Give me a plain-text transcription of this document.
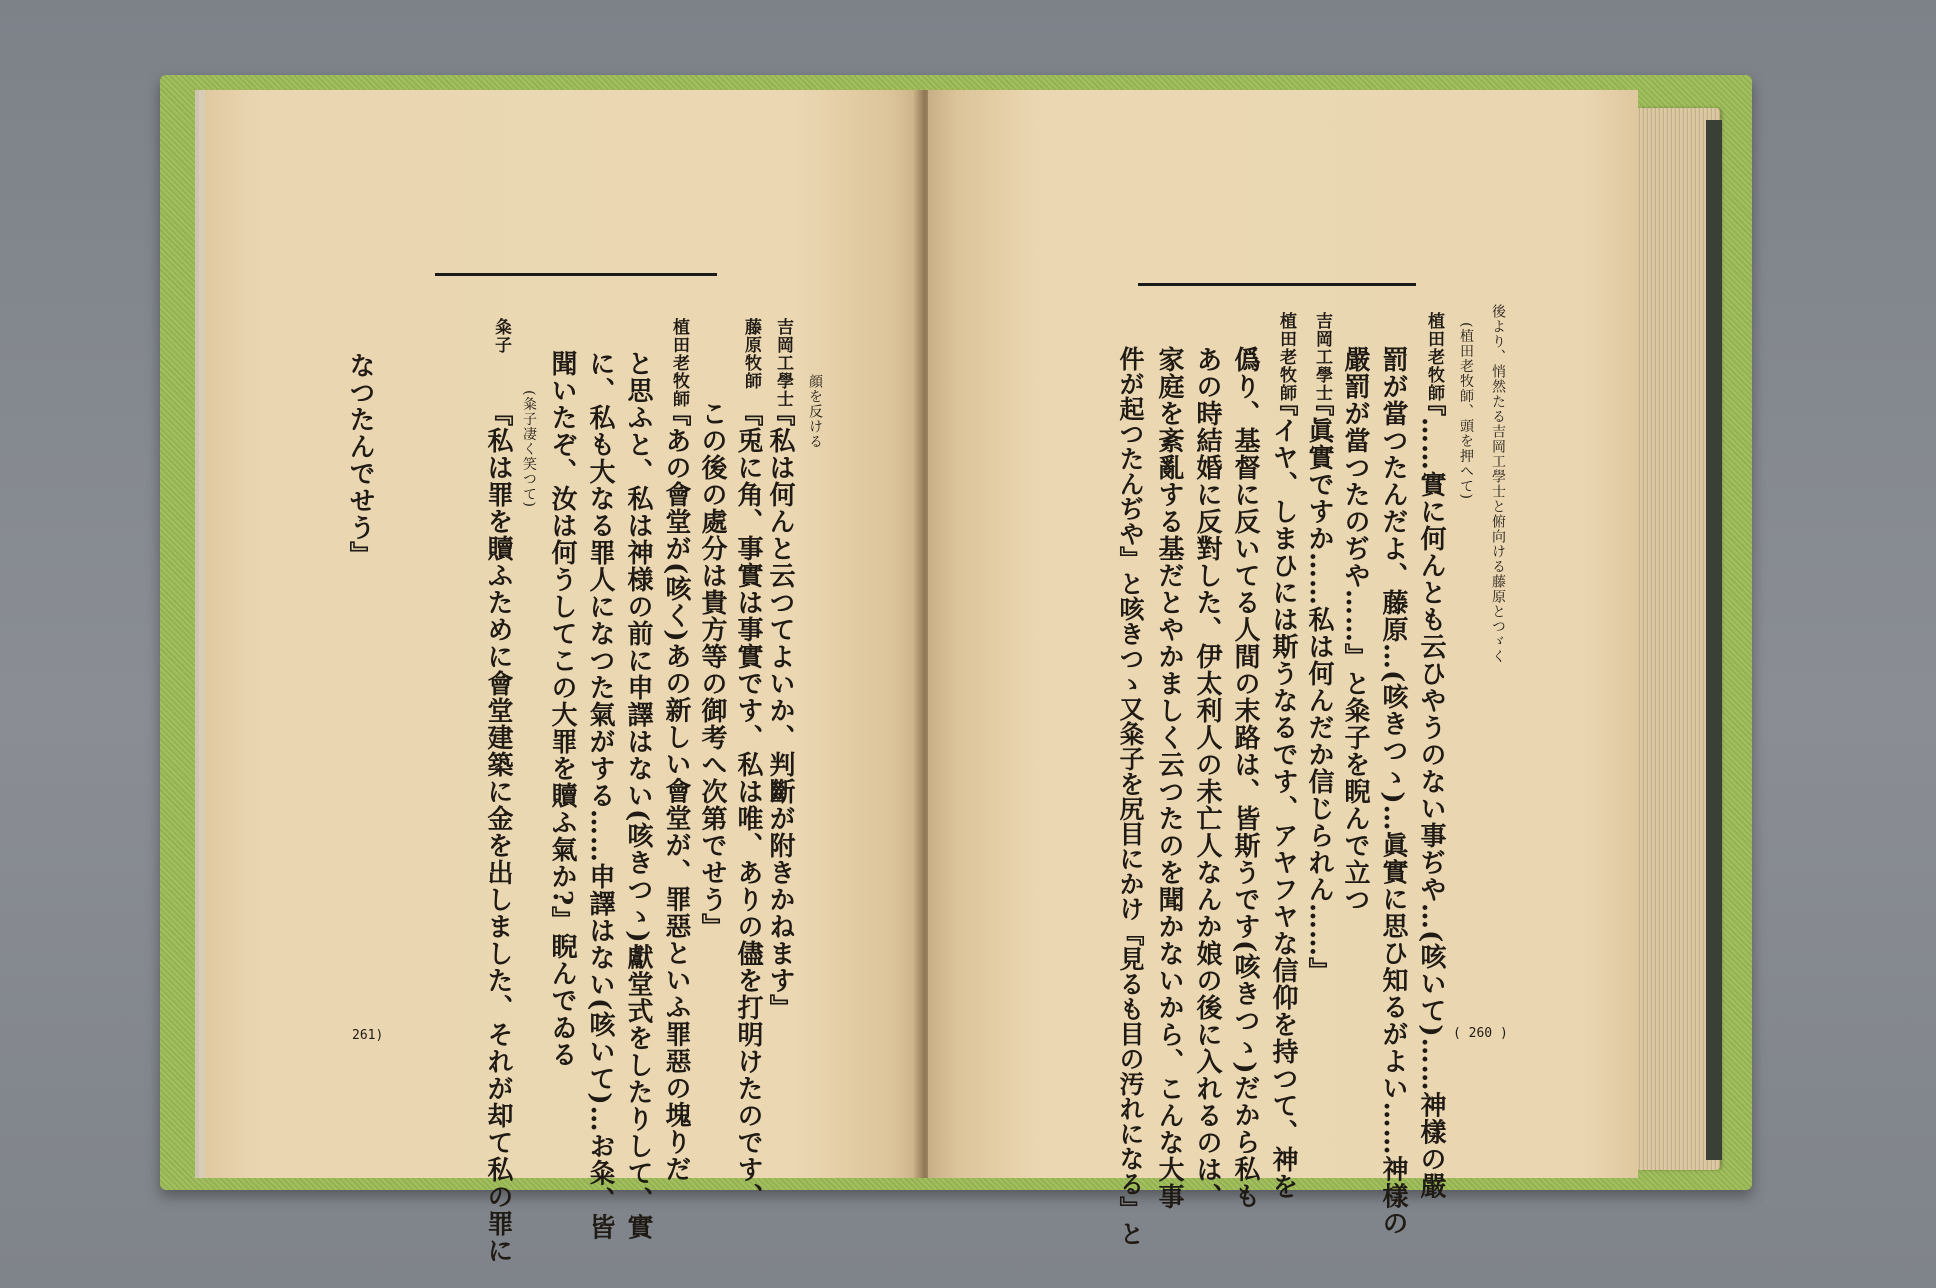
顔を反ける
吉岡工學士
『私は何んと云つてよいか、判斷が附きかねます』
藤原牧師
『兎に角、事實は事實です、私は唯、ありの儘を打明けたのです、
この後の處分は貴方等の御考へ次第でせう』
植田老牧師
『あの會堂が(咳く)あの新しい會堂が、罪惡といふ罪惡の塊りだ
と思ふと、私は神様の前に申譯はない(咳きつゝ)獻堂式をしたりして、實
に、私も大なる罪人になつた氣がする……申譯はない(咳いて)…お粂、皆
聞いたぞ、汝は何うしてこの大罪を贖ふ氣か?』睨んでゐる
(粂子凄く笑つて)
粂子
『私は罪を贖ふために會堂建築に金を出しました、それが却て私の罪に
なつたんでせう』
261)
後より、悄然たる吉岡工學士と俯向ける藤原とつゞく
(植田老牧師、頭を押へて)
植田老牧師
『……實に何んとも云ひやうのない事ぢや…(咳いて)……神樣の嚴
罰が當つたんだよ、藤原…(咳きつゝ)…眞實に思ひ知るがよい……神樣の
嚴罰が當つたのぢや……』と粂子を睨んで立つ
吉岡工學士
『眞實ですか……私は何んだか信じられん……』
植田老牧師
『イヤ、しまひには斯うなるです、アヤフヤな信仰を持つて、神を
僞り、基督に反いてる人間の末路は、皆斯うです(咳きつゝ)だから私も
あの時結婚に反對した、伊太利人の未亡人なんか娘の後に入れるのは、
家庭を紊亂する基だとやかましく云つたのを聞かないから、こんな大事
件が起つたんぢや』と咳きつゝ又粂子を尻目にかけ『見るも目の汚れになる』と	( 260 )
